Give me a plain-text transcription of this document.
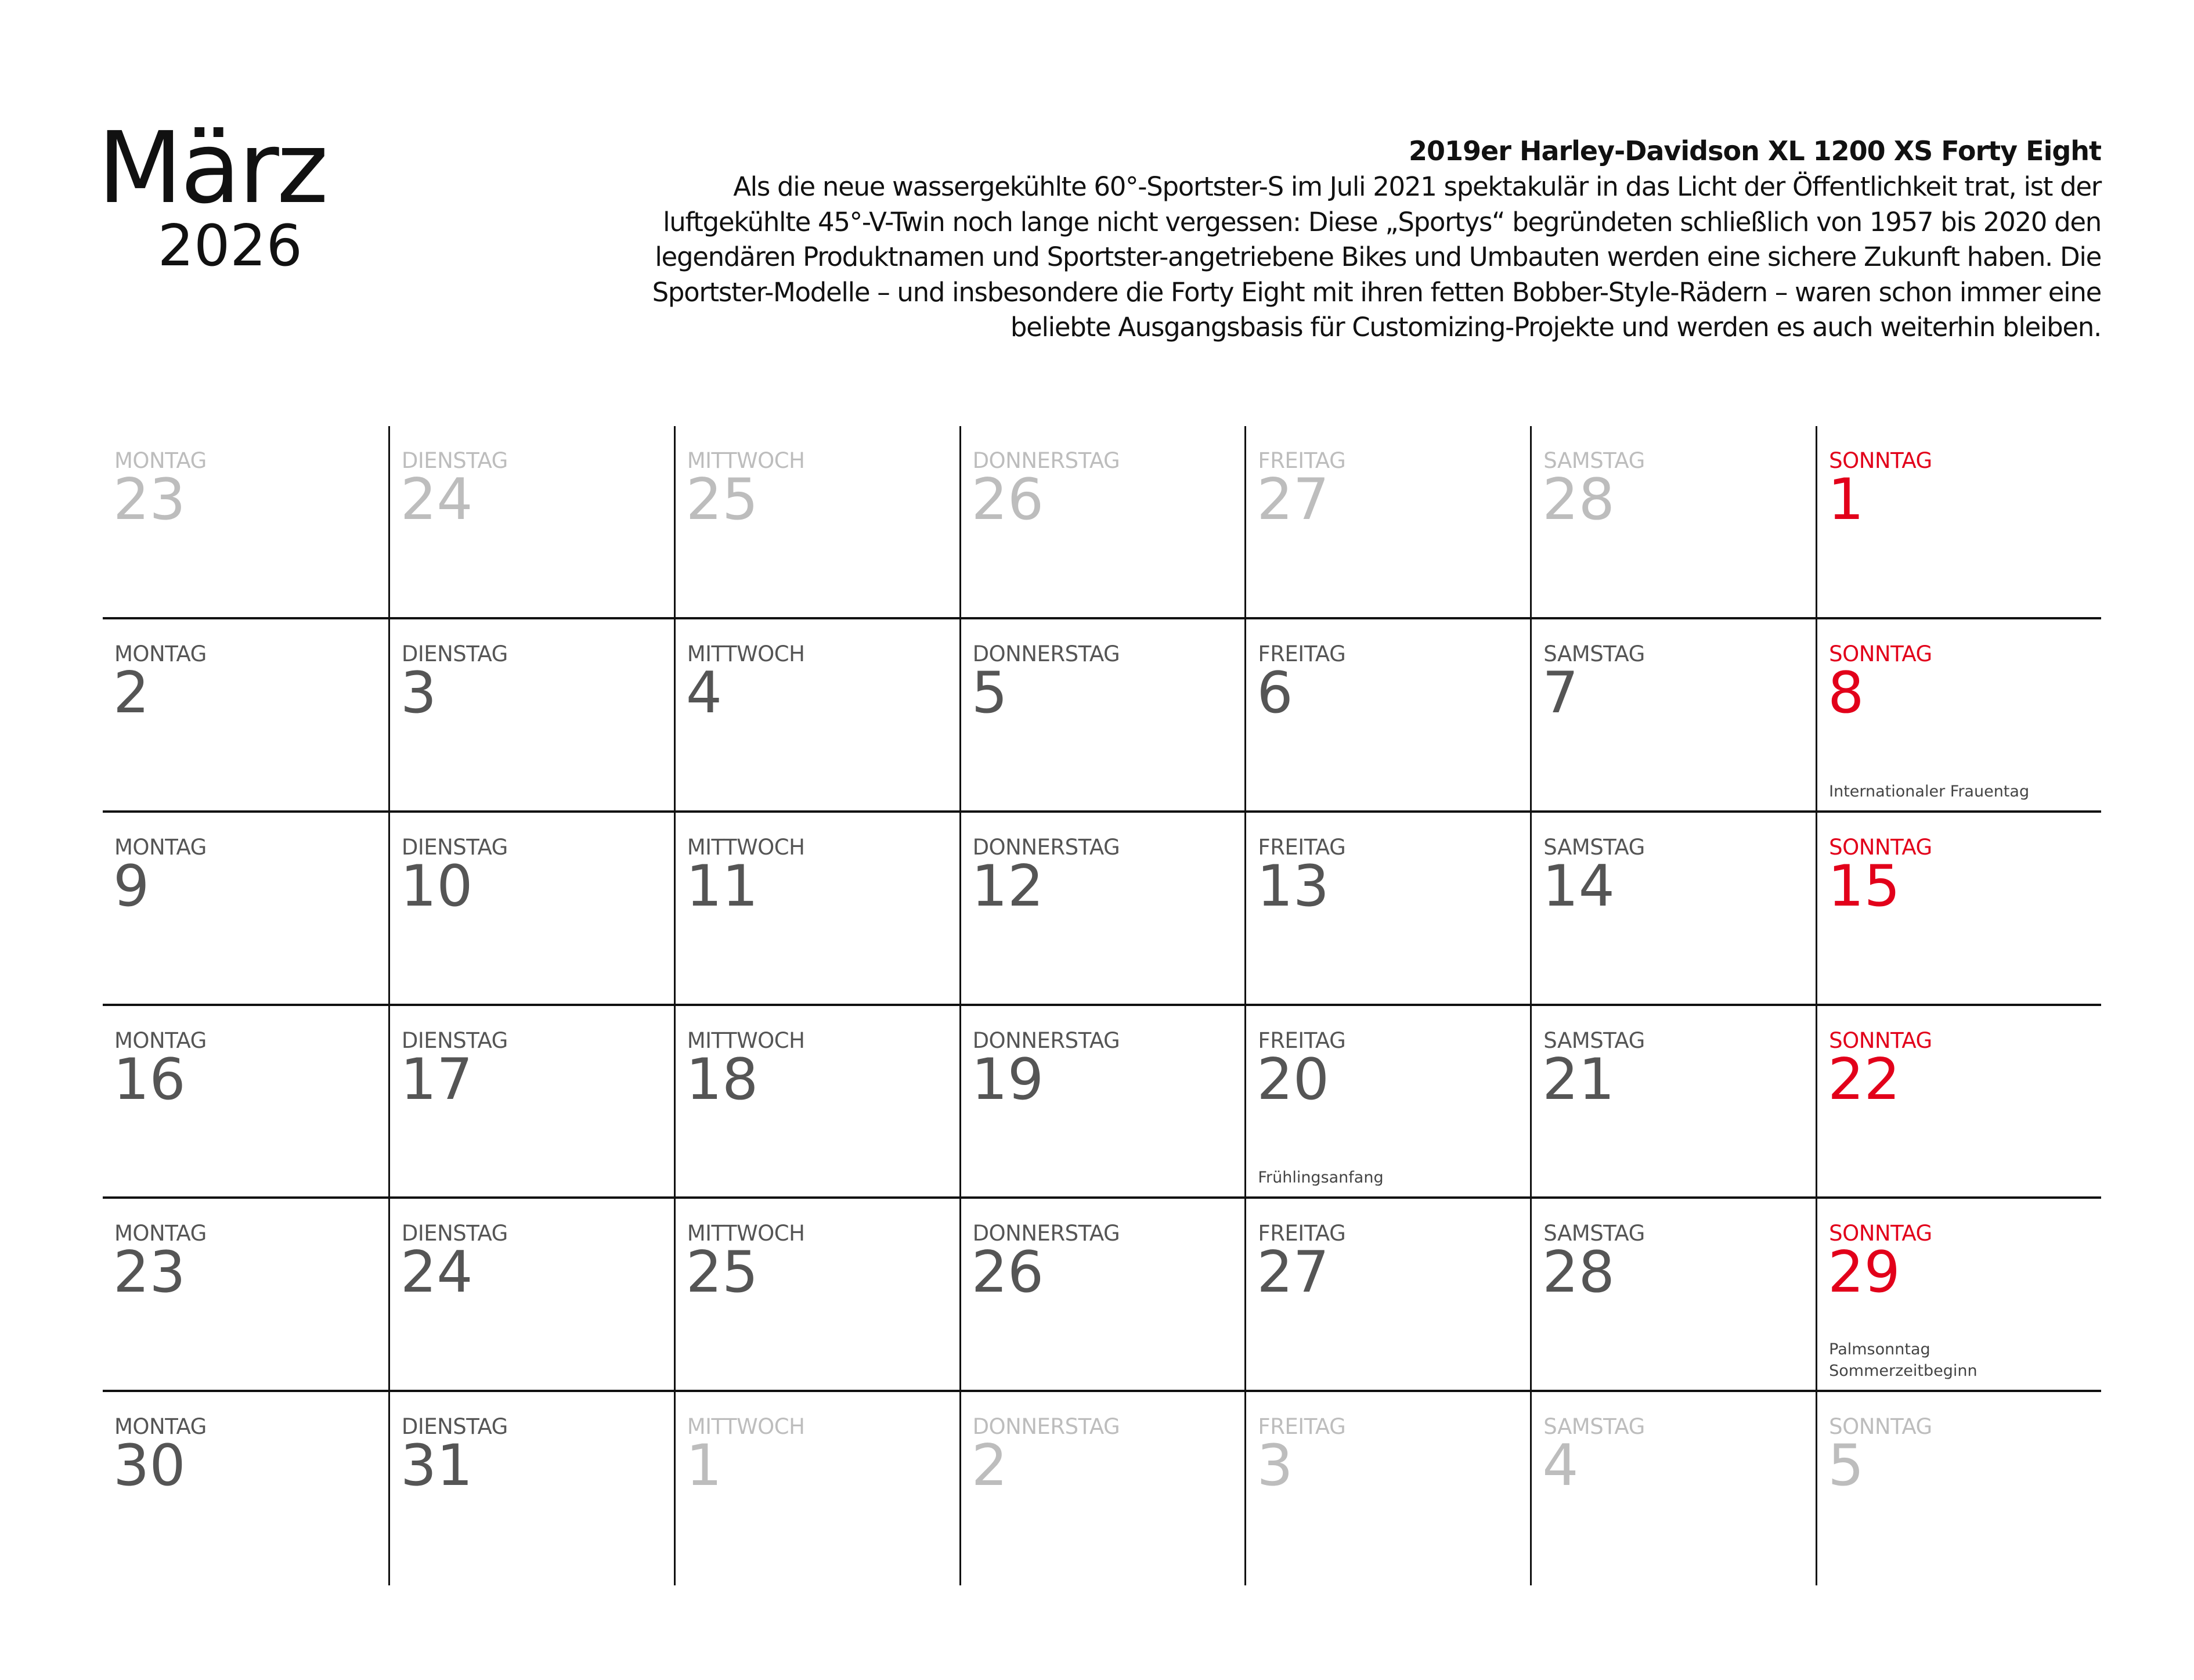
März
2026
2019er Harley-Davidson XL 1200 XS Forty Eight
Als die neue wassergekühlte 60°-Sportster-S im Juli 2021 spektakulär in das Licht der Öffentlichkeit trat, ist der luftgekühlte 45°-V-Twin noch lange nicht vergessen: Diese „Sportys“ begründeten schließlich von 1957 bis 2020 den legendären Produktnamen und Sportster-angetriebene Bikes und Umbauten werden eine sichere Zukunft haben. Die Sportster-Modelle – und insbesondere die Forty Eight mit ihren fetten Bobber-Style-Rädern – waren schon immer eine beliebte Ausgangsbasis für Customizing-Projekte und werden es auch weiterhin bleiben.
MONTAG
23
DIENSTAG
24
MITTWOCH
25
DONNERSTAG
26
FREITAG
27
SAMSTAG
28
SONNTAG
1
MONTAG
2
DIENSTAG
3
MITTWOCH
4
DONNERSTAG
5
FREITAG
6
SAMSTAG
7
SONNTAG
8
Internationaler Frauentag
MONTAG
9
DIENSTAG
10
MITTWOCH
11
DONNERSTAG
12
FREITAG
13
SAMSTAG
14
SONNTAG
15
MONTAG
16
DIENSTAG
17
MITTWOCH
18
DONNERSTAG
19
FREITAG
20
Frühlingsanfang
SAMSTAG
21
SONNTAG
22
MONTAG
23
DIENSTAG
24
MITTWOCH
25
DONNERSTAG
26
FREITAG
27
SAMSTAG
28
SONNTAG
29
Palmsonntag
Sommerzeitbeginn
MONTAG
30
DIENSTAG
31
MITTWOCH
1
DONNERSTAG
2
FREITAG
3
SAMSTAG
4
SONNTAG
5
